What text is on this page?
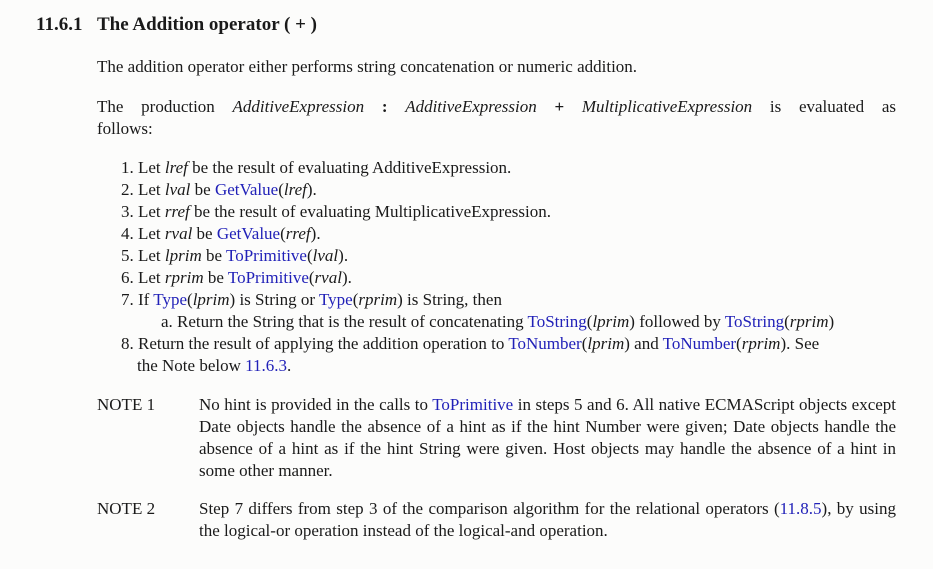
11.6.1 The Addition operator ( + )
The addition operator either performs string concatenation or numeric addition.
The production AdditiveExpression : AdditiveExpression + MultiplicativeExpression is evaluated as
follows:
1. Let lref be the result of evaluating AdditiveExpression.
2. Let lval be GetValue(lref).
3. Let rref be the result of evaluating MultiplicativeExpression.
4. Let rval be GetValue(rref).
5. Let lprim be ToPrimitive(lval).
6. Let rprim be ToPrimitive(rval).
7. If Type(lprim) is String or Type(rprim) is String, then
a. Return the String that is the result of concatenating ToString(lprim) followed by ToString(rprim)
8. Return the result of applying the addition operation to ToNumber(lprim) and ToNumber(rprim). See
the Note below 11.6.3.
NOTE 1	No hint is provided in the calls to ToPrimitive in steps 5 and 6. All native ECMAScript objects except Date objects handle the absence of a hint as if the hint Number were given; Date objects handle the absence of a hint as if the hint String were given. Host objects may handle the absence of a hint in some other manner.
NOTE 2	Step 7 differs from step 3 of the comparison algorithm for the relational operators (11.8.5), by using the logical-or operation instead of the logical-and operation.
